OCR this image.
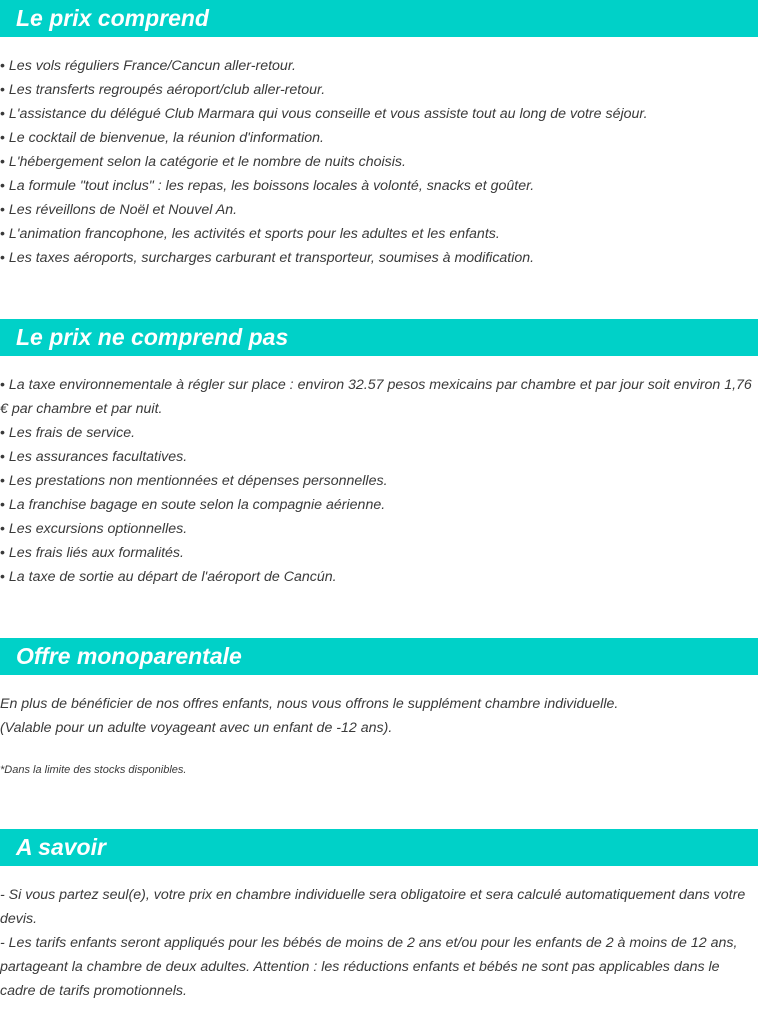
Le prix comprend
• Les vols réguliers France/Cancun aller-retour.
• Les transferts regroupés aéroport/club aller-retour.
• L'assistance du délégué Club Marmara qui vous conseille et vous assiste tout au long de votre séjour.
• Le cocktail de bienvenue, la réunion d'information.
• L'hébergement selon la catégorie et le nombre de nuits choisis.
• La formule "tout inclus" : les repas, les boissons locales à volonté, snacks et goûter.
• Les réveillons de Noël et Nouvel An.
• L'animation francophone, les activités et sports pour les adultes et les enfants.
• Les taxes aéroports, surcharges carburant et transporteur, soumises à modification.
Le prix ne comprend pas
• La taxe environnementale à régler sur place : environ 32.57 pesos mexicains par chambre et par jour soit environ 1,76 € par chambre et par nuit.
• Les frais de service.
• Les assurances facultatives.
• Les prestations non mentionnées et dépenses personnelles.
• La franchise bagage en soute selon la compagnie aérienne.
• Les excursions optionnelles.
• Les frais liés aux formalités.
• La taxe de sortie au départ de l'aéroport de Cancún.
Offre monoparentale

En plus de bénéficier de nos offres enfants, nous vous offrons le supplément chambre individuelle.

(Valable pour un adulte voyageant avec un enfant de -12 ans).

*Dans la limite des stocks disponibles.

A savoir

- Si vous partez seul(e), votre prix en chambre individuelle sera obligatoire et sera calculé automatiquement dans votre devis.

- Les tarifs enfants seront appliqués pour les bébés de moins de 2 ans et/ou pour les enfants de 2 à moins de 12 ans, partageant la chambre de deux adultes. Attention : les réductions enfants et bébés ne sont pas applicables dans le cadre de tarifs promotionnels.
